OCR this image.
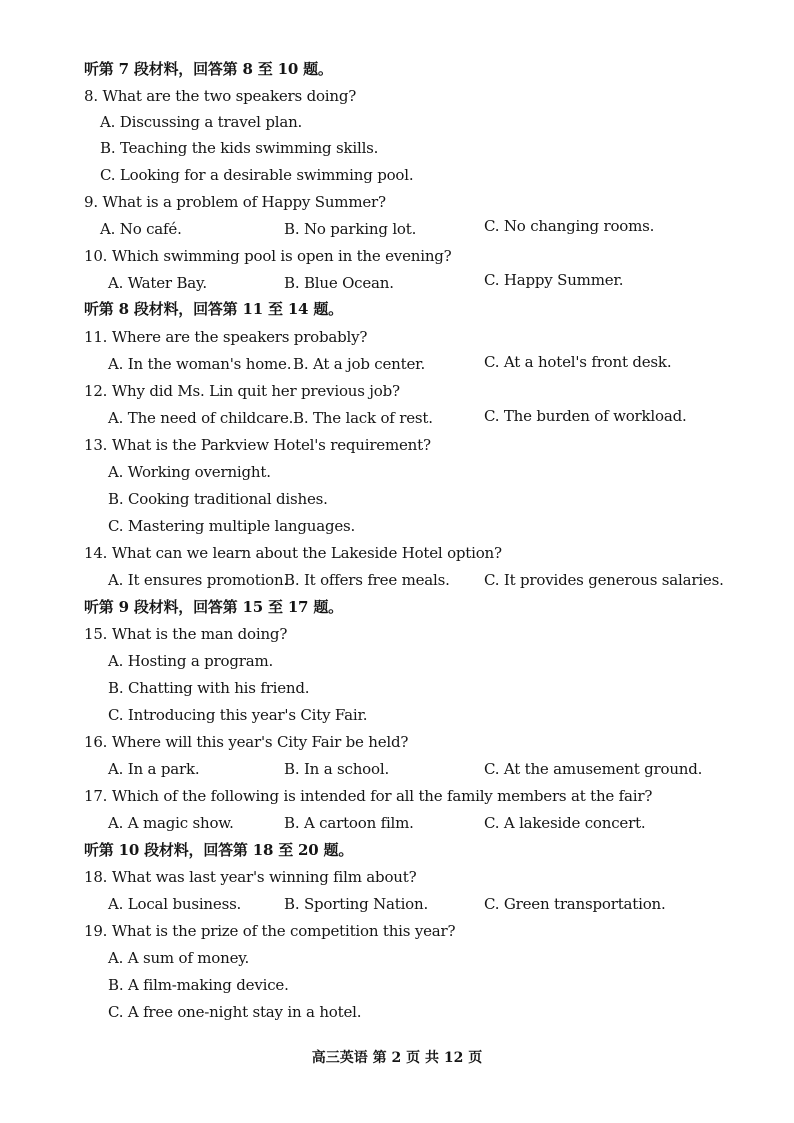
听第 7 段材料，回答第 8 至 10 题。
8. What are the two speakers doing?
A. Discussing a travel plan.
B. Teaching the kids swimming skills.
C. Looking for a desirable swimming pool.
9. What is a problem of Happy Summer?
A. No café.	B. No parking lot.	C. No changing rooms.
10. Which swimming pool is open in the evening?
A. Water Bay.	B. Blue Ocean.	C. Happy Summer.
听第 8 段材料，回答第 11 至 14 题。
11. Where are the speakers probably?
A. In the woman's home. B. At a job center.	C. At a hotel's front desk.
12. Why did Ms. Lin quit her previous job?
A. The need of childcare. B. The lack of rest.	C. The burden of workload.
13. What is the Parkview Hotel's requirement?
A. Working overnight.
B. Cooking traditional dishes.
C. Mastering multiple languages.
14. What can we learn about the Lakeside Hotel option?
A. It ensures promotion.
B. It offers free meals. C. It provides generous salaries.
听第 9 段材料，回答第 15 至 17 题。
15. What is the man doing?
A. Hosting a program.
B. Chatting with his friend.
C. Introducing this year's City Fair.
16. Where will this year's City Fair be held?
A. In a park.	B. In a school.	C. At the amusement ground.
17. Which of the following is intended for all the family members at the fair?
A. A magic show.	B. A cartoon film.	C. A lakeside concert.
听第 10 段材料，回答第 18 至 20 题。
18. What was last year's winning film about?
A. Local business.	B. Sporting Nation.	C. Green transportation.
19. What is the prize of the competition this year?
A. A sum of money.
B. A film-making device.
C. A free one-night stay in a hotel.
高三英语 第 2 页 共 12 页
